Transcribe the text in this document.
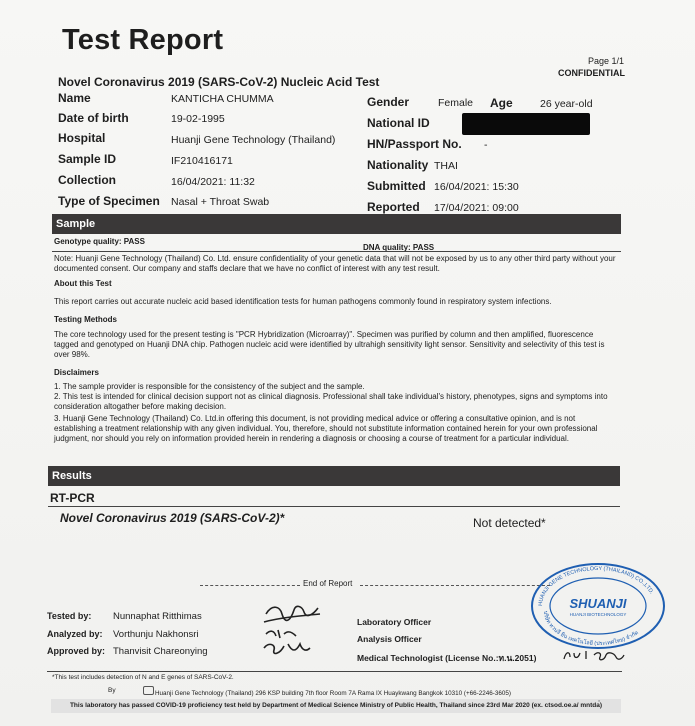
Test Report
Page 1/1
CONFIDENTIAL
Novel Coronavirus 2019 (SARS-CoV-2) Nucleic Acid Test
Name	KANTICHA CHUMMA
Date of birth	19-02-1995
Hospital	Huanji Gene Technology (Thailand)
Sample ID	IF210416171
Collection	16/04/2021: 11:32
Type of Specimen Nasal + Throat Swab
Gender	Female Age	26 year-old
National ID
HN/Passport No. -
Nationality THAI
Submitted 16/04/2021: 15:30
Reported 17/04/2021: 09:00
Sample
Genotype quality: PASS
DNA quality: PASS
Note: Huanji Gene Technology (Thailand) Co. Ltd. ensure confidentiality of your genetic data that will not be exposed by us to any other third party without your documented consent. Our company and staffs declare that we have no conflict of interest with any test result.
About this Test
This report carries out accurate nucleic acid based identification tests for human pathogens commonly found in respiratory system infections.
Testing Methods
The core technology used for the present testing is "PCR Hybridization (Microarray)". Specimen was purified by column and then amplified, fluorescence tagged and genotyped on Huanji DNA chip. Pathogen nucleic acid were identified by ultrahigh sensitivity light sensor. Sensitivity and selectivity of this test is over 98%.
Disclaimers
1. The sample provider is responsible for the consistency of the subject and the sample.
2. This test is intended for clinical decision support not as clinical diagnosis. Professional shall take individual's history, phenotypes, signs and symptoms into consideration altogather before making decision.
3. Huanji Gene Technology (Thailand) Co. Ltd.in offering this document, is not providing medical advice or offering a consultative opinion, and is not establishing a treatment relationship with any given individual. You, therefore, should not substitute information contained herein for your own professional judgment, nor should you rely on information provided herein in rendering a diagnosis or choosing a course of treatment for a particular individual.
Results
RT-PCR
Novel Coronavirus 2019 (SARS-CoV-2)*	Not detected*
End of Report
Tested by: Nunnaphat Ritthimas
Analyzed by: Vorthunju Nakhonsri
Approved by: Thanvisit Chareonying
Laboratory Officer
Analysis Officer
Medical Technologist (License No.:ท.น.2051)
HUANJI GENE TECHNOLOGY (THAILAND) CO.,LTD.
บริษัท หวนจี ยีน เทคโนโลยี (ประเทศไทย) จำกัด
SHUANJI
HUANJI BIOTECHNOLOGY
*This test includes detection of N and E genes of SARS-CoV-2.
By	Huanji Gene Technology (Thailand) 296 KSP building 7th floor Room 7A Rama IX Huaykwang Bangkok 10310 (+66-2246-3605)
This laboratory has passed COVID-19 proficiency test held by Department of Medical Science Ministry of Public Health, Thailand since 23rd Mar 2020 (ex. ctsod.oe.a/ mntda่)
